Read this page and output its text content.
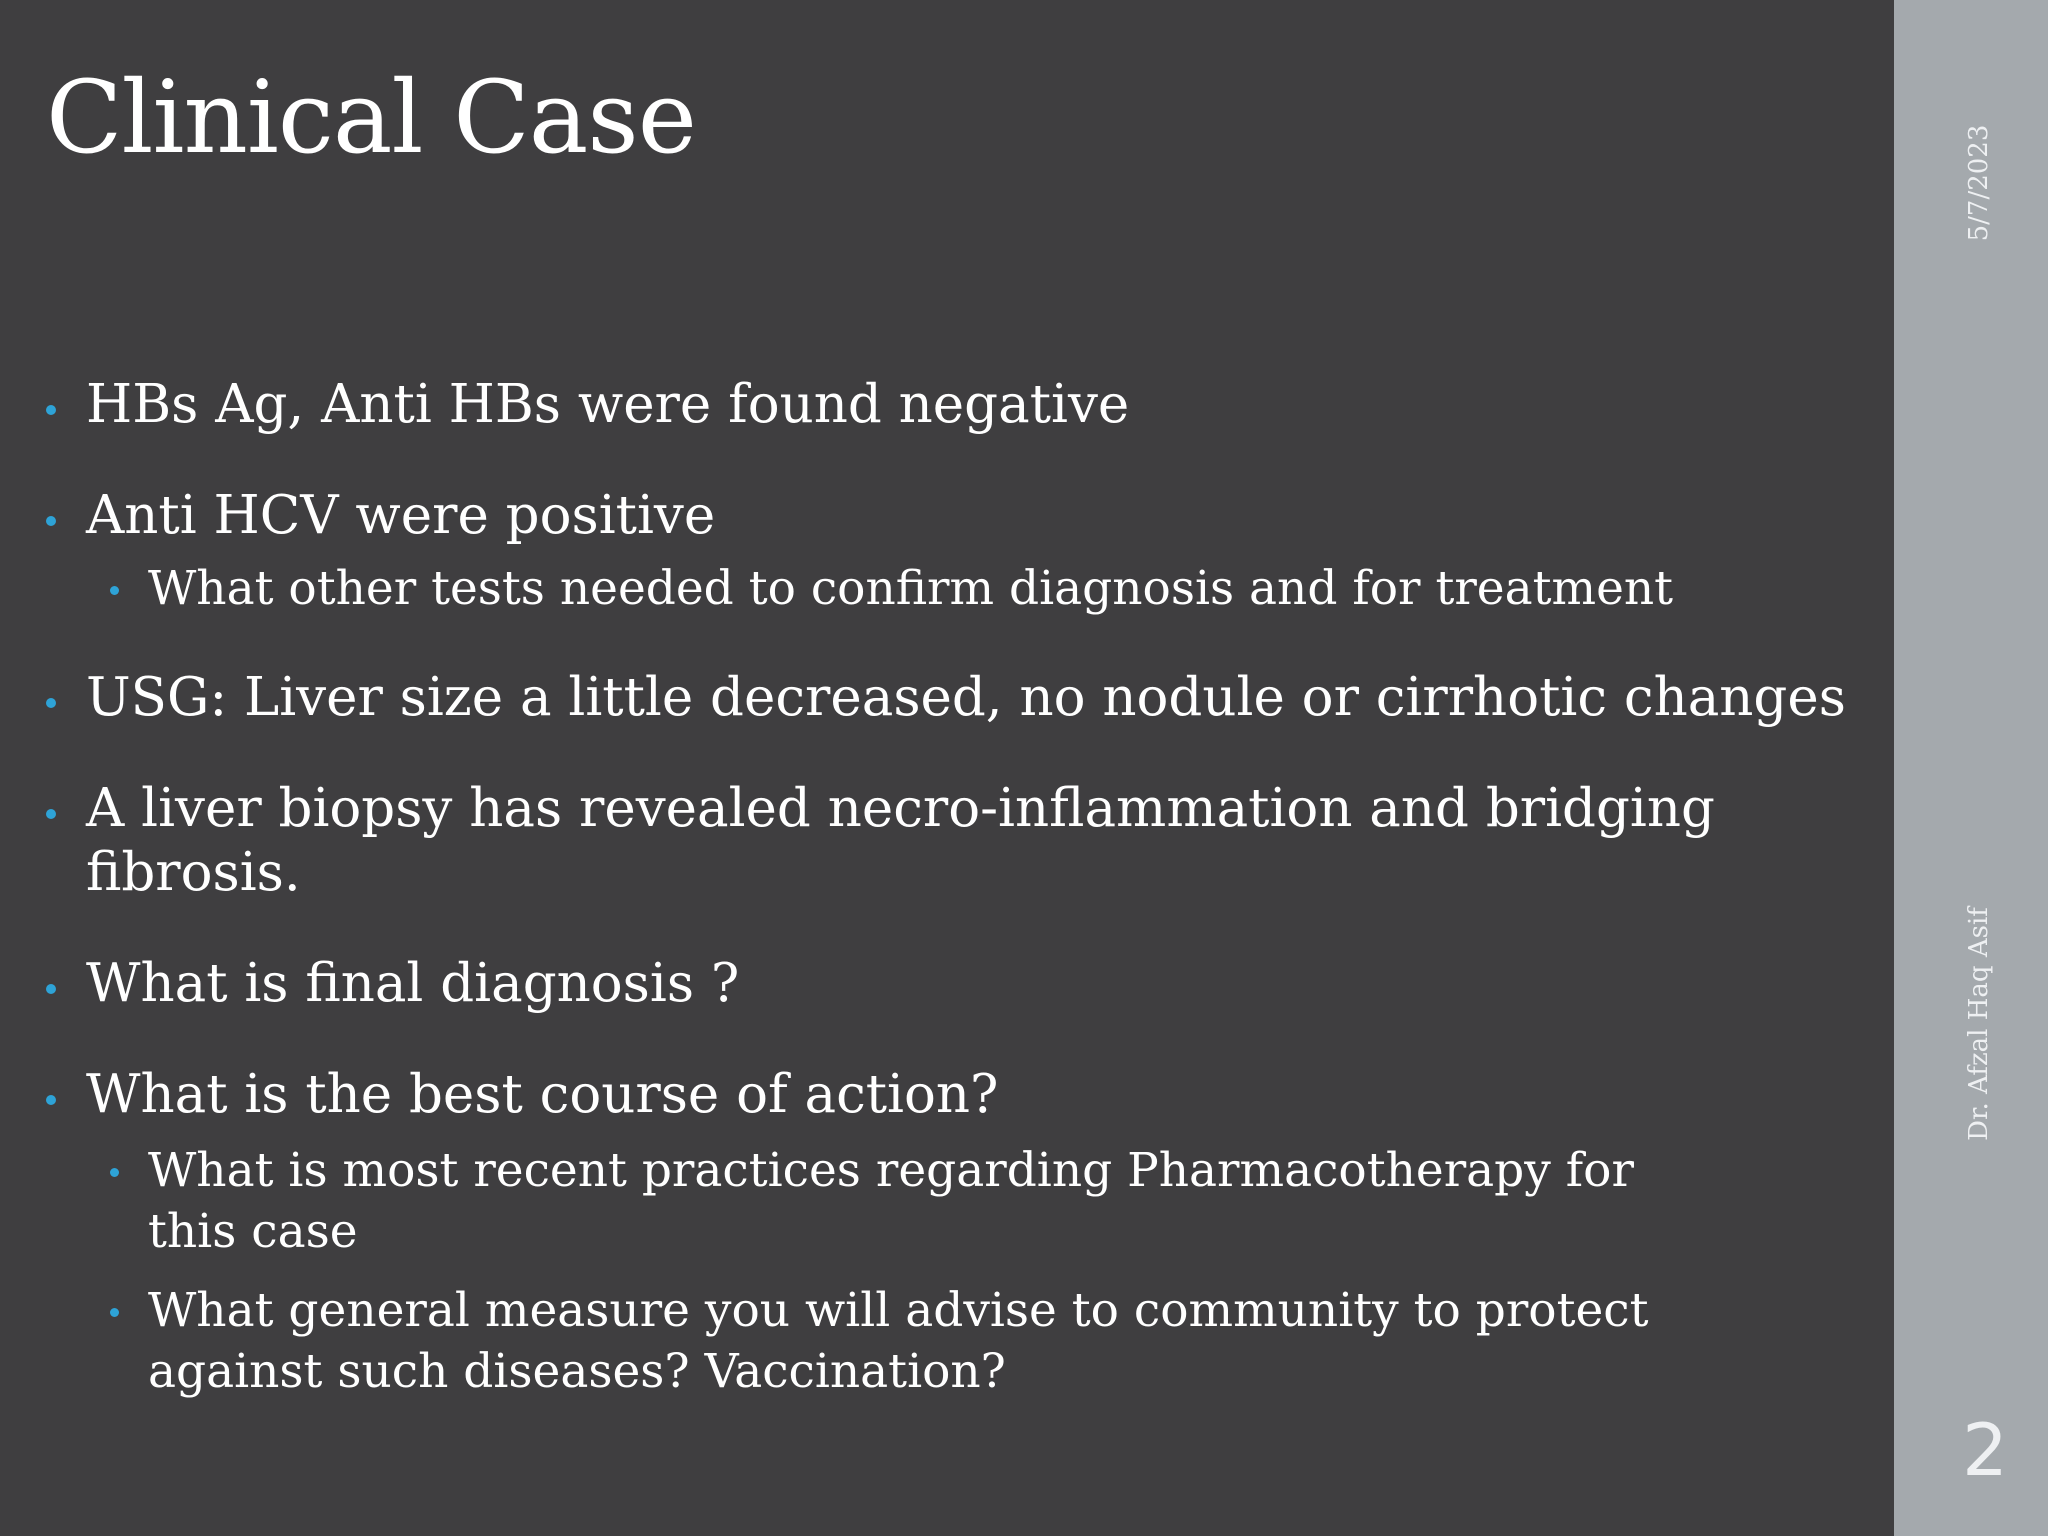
Clinical Case
HBs Ag, Anti HBs were found negative
Anti HCV were positive
What other tests needed to confirm diagnosis and for treatment
USG: Liver size a little decreased, no nodule or cirrhotic changes
A liver biopsy has revealed necro-inflammation and bridging
fibrosis.
What is final diagnosis ?
What is the best course of action?
What is most recent practices regarding Pharmacotherapy for
this case
What general measure you will advise to community to protect
against such diseases? Vaccination?
5/7/2023
Dr. Afzal Haq Asif
2
